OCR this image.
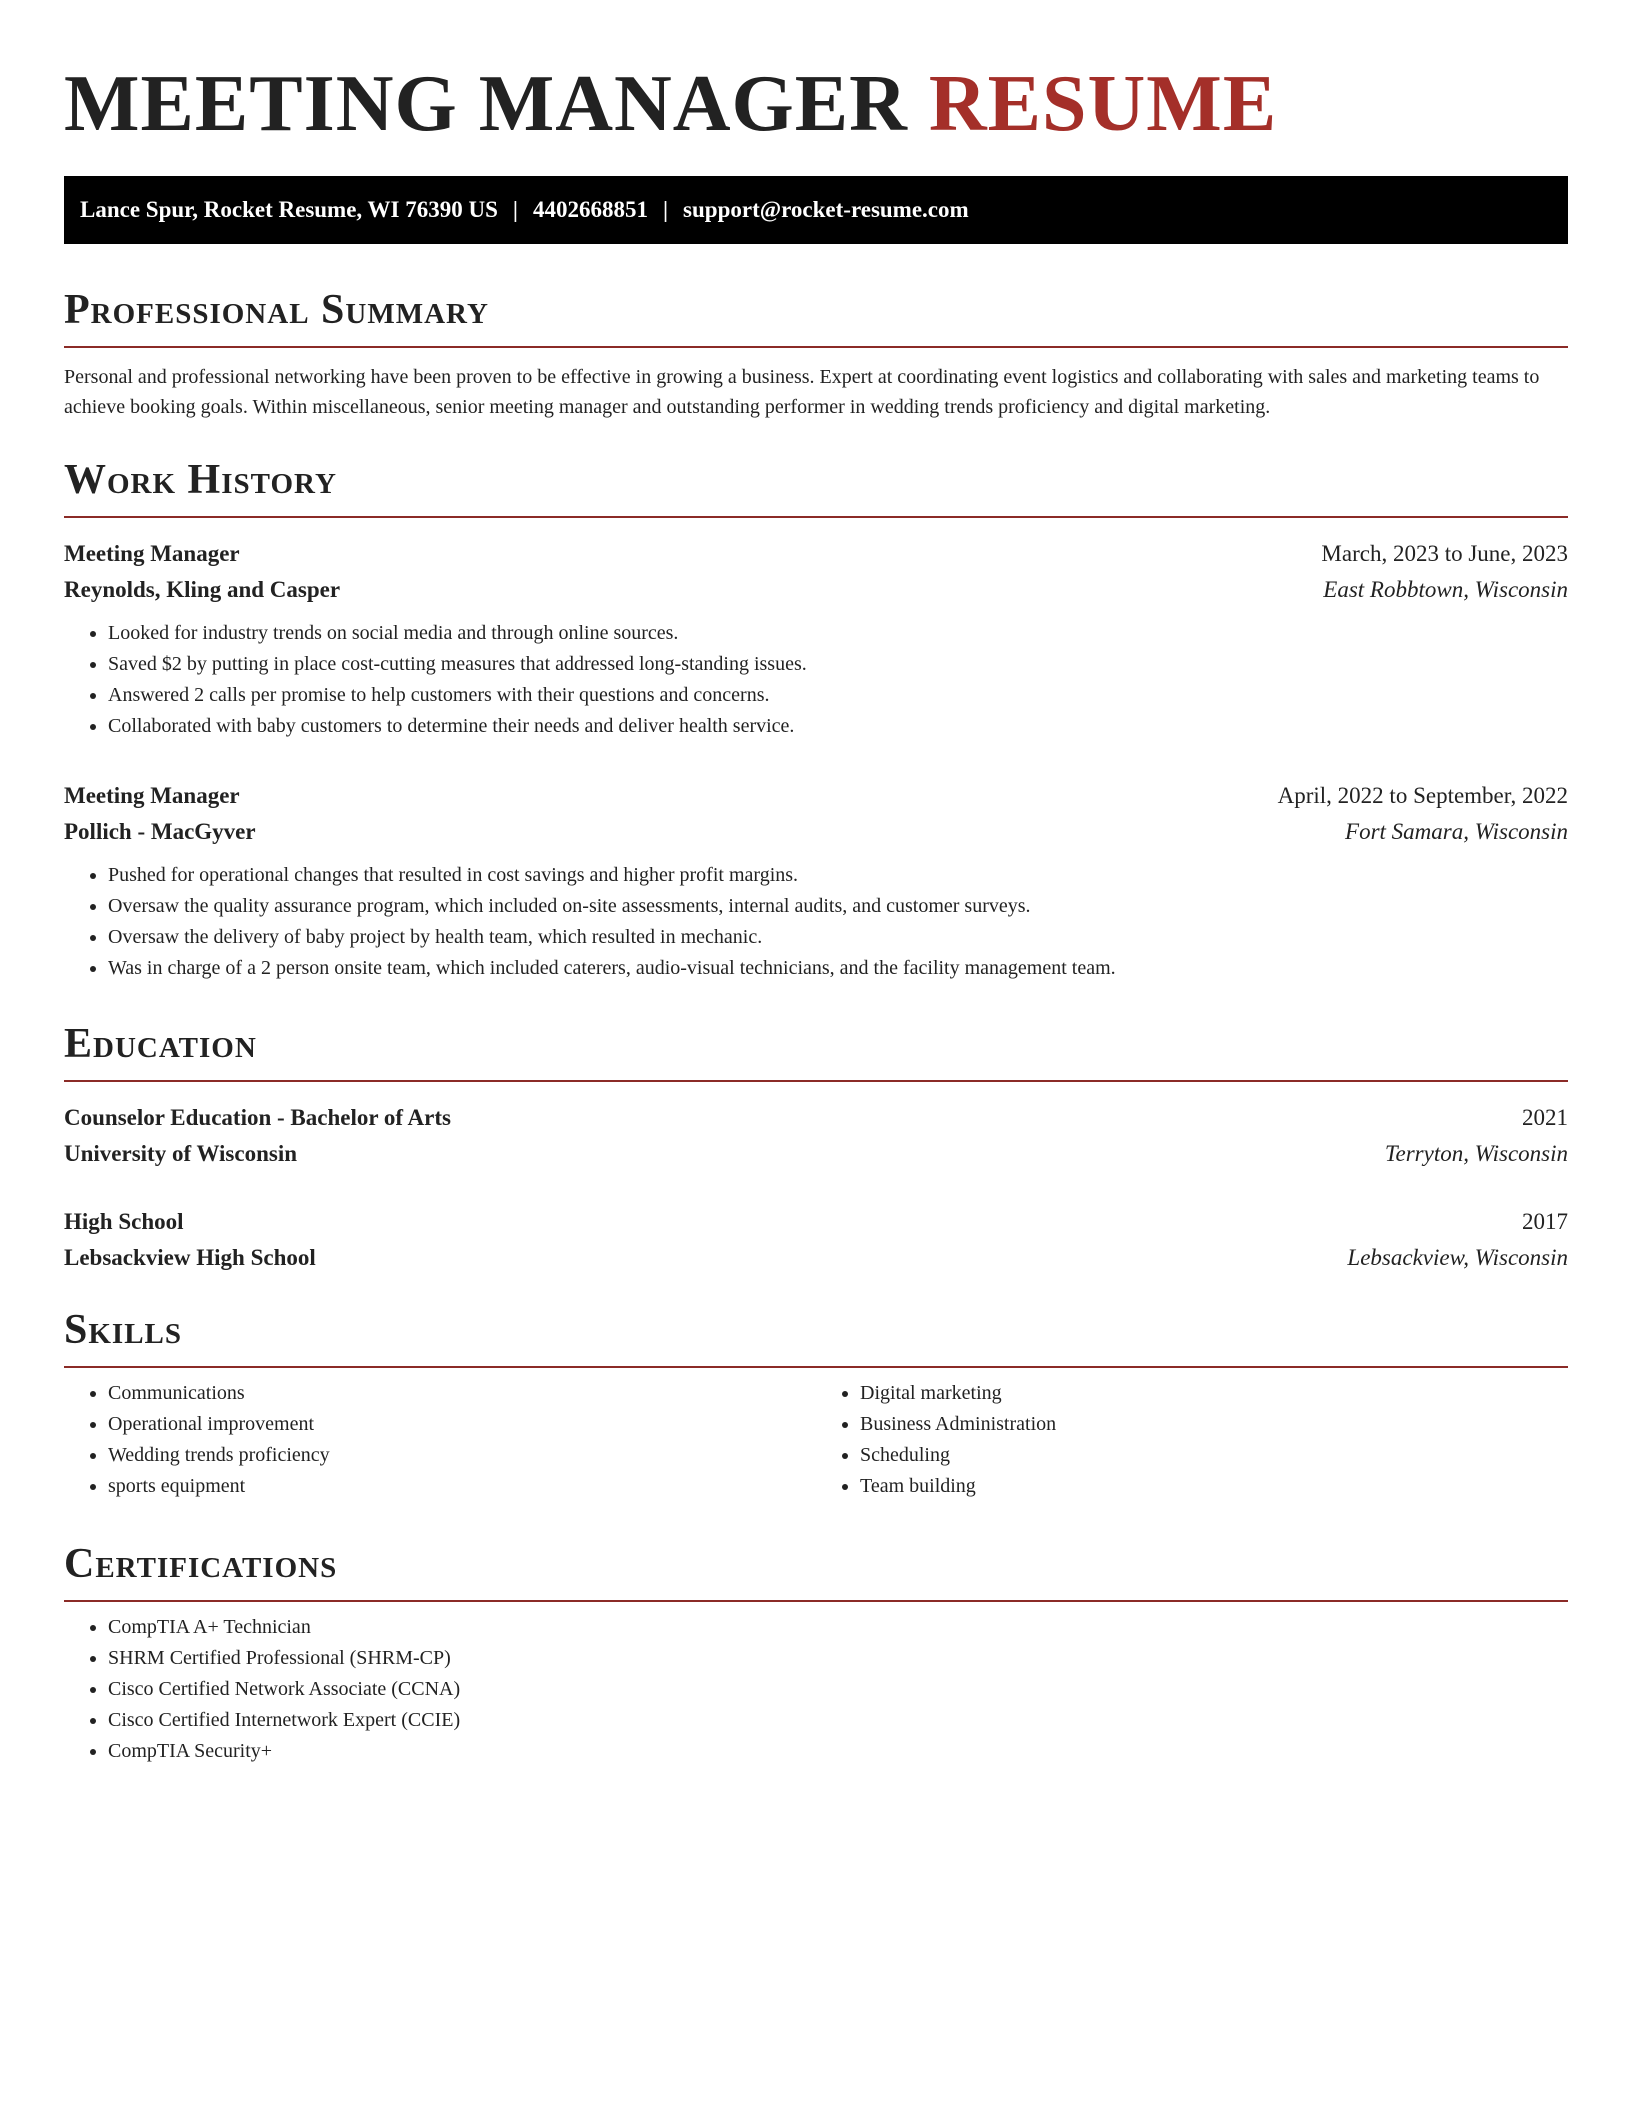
MEETING MANAGER RESUME
Lance Spur, Rocket Resume, WI 76390 US | 4402668851 | support@rocket-resume.com
Professional Summary

Personal and professional networking have been proven to be effective in growing a business. Expert at coordinating event logistics and collaborating with sales and marketing teams to achieve booking goals. Within miscellaneous, senior meeting manager and outstanding performer in wedding trends proficiency and digital marketing.

Work History
Meeting Manager	March, 2023 to June, 2023
Reynolds, Kling and Casper	East Robbtown, Wisconsin
• Looked for industry trends on social media and through online sources.
• Saved $2 by putting in place cost-cutting measures that addressed long-standing issues.
• Answered 2 calls per promise to help customers with their questions and concerns.
• Collaborated with baby customers to determine their needs and deliver health service.
Meeting Manager	April, 2022 to September, 2022
Pollich - MacGyver	Fort Samara, Wisconsin
• Pushed for operational changes that resulted in cost savings and higher profit margins.
• Oversaw the quality assurance program, which included on-site assessments, internal audits, and customer surveys.
• Oversaw the delivery of baby project by health team, which resulted in mechanic.
• Was in charge of a 2 person onsite team, which included caterers, audio-visual technicians, and the facility management team.
Education
Counselor Education - Bachelor of Arts	2021
University of Wisconsin	Terryton, Wisconsin
High School	2017
Lebsackview High School	Lebsackview, Wisconsin
Skills
• Communications
• Operational improvement
• Wedding trends proficiency
• sports equipment
• Digital marketing
• Business Administration
• Scheduling
• Team building
Certifications
• CompTIA A+ Technician
• SHRM Certified Professional (SHRM-CP)
• Cisco Certified Network Associate (CCNA)
• Cisco Certified Internetwork Expert (CCIE)
• CompTIA Security+
